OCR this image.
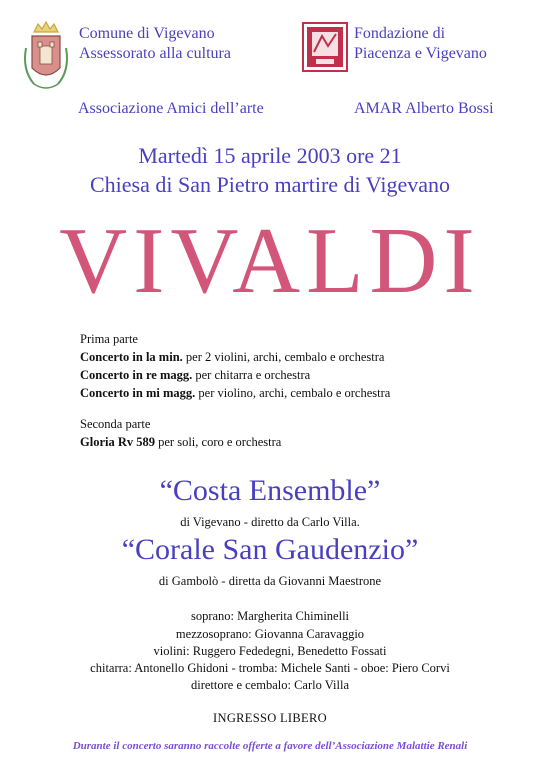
Comune di Vigevano
Assessorato alla cultura
Fondazione di
Piacenza e Vigevano
Associazione Amici dell’arte	AMAR Alberto Bossi
Martedì 15 aprile 2003 ore 21
Chiesa di San Pietro martire di Vigevano
VIVALDI
Prima parte
Concerto in la min. per 2 violini, archi, cembalo e orchestra
Concerto in re magg. per chitarra e orchestra
Concerto in mi magg. per violino, archi, cembalo e orchestra
Seconda parte
Gloria Rv 589 per soli, coro e orchestra
“Costa Ensemble”
di Vigevano - diretto da Carlo Villa.
“Corale San Gaudenzio”
di Gambolò - diretta da Giovanni Maestrone
soprano: Margherita Chiminelli
mezzosoprano: Giovanna Caravaggio
violini: Ruggero Fededegni, Benedetto Fossati
chitarra: Antonello Ghidoni - tromba: Michele Santi - oboe: Piero Corvi
direttore e cembalo: Carlo Villa
INGRESSO LIBERO
Durante il concerto saranno raccolte offerte a favore dell’Associazione Malattie Renali
